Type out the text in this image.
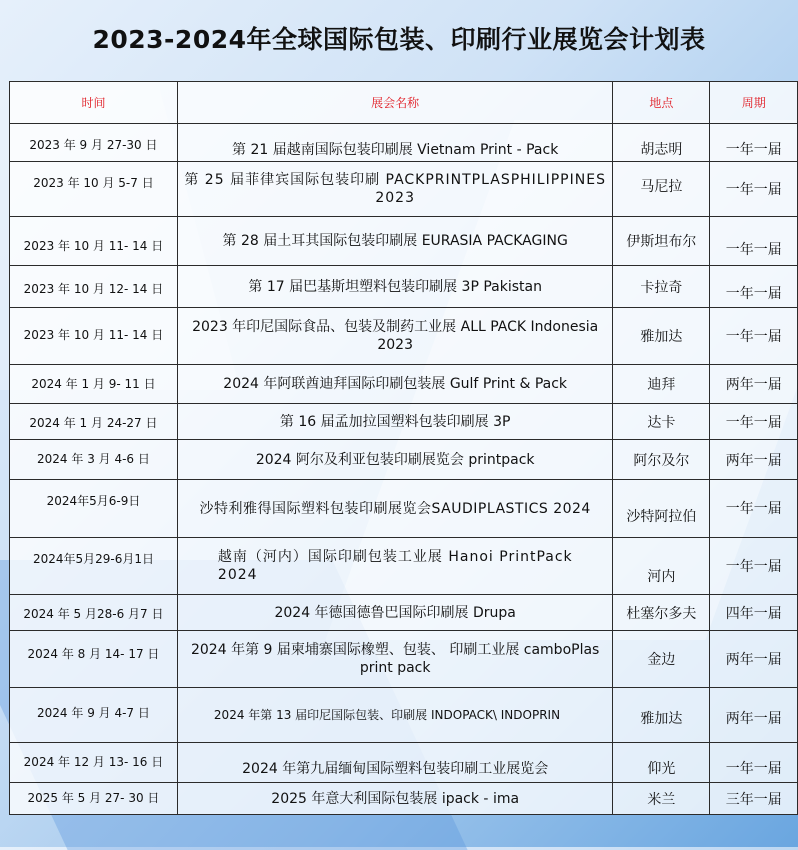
2023-2024年全球国际包装、印刷行业展览会计划表
时间	展会名称	地点	周期
2023 年 9 月 27-30 日	第 21 届越南国际包装印刷展 Vietnam Print - Pack	胡志明	一年一届
2023 年 10 月 5-7 日	第 25 届菲律宾国际包装印刷 PACKPRINTPLASPHILIPPINES 2023	马尼拉	一年一届
2023 年 10 月 11- 14 日	第 28 届土耳其国际包装印刷展 EURASIA PACKAGING	伊斯坦布尔	一年一届
2023 年 10 月 12- 14 日	第 17 届巴基斯坦塑料包装印刷展 3P Pakistan	卡拉奇	一年一届
2023 年 10 月 11- 14 日	2023 年印尼国际食品、包装及制药工业展 ALL PACK Indonesia 2023	雅加达	一年一届
2024 年 1 月 9- 11 日	2024 年阿联酋迪拜国际印刷包装展 Gulf Print & Pack	迪拜	两年一届
2024 年 1 月 24-27 日	第 16 届孟加拉国塑料包装印刷展 3P	达卡	一年一届
2024 年 3 月 4-6 日	2024 阿尔及利亚包装印刷展览会 printpack	阿尔及尔	两年一届
2024年5月6-9日	沙特利雅得国际塑料包装印刷展览会SAUDIPLASTICS 2024	沙特阿拉伯	一年一届
2024年5月29-6月1日	越南（河内）国际印刷包装工业展 Hanoi PrintPack 2024	河内	一年一届
2024 年 5 月28-6 月7 日	2024 年德国德鲁巴国际印刷展 Drupa	杜塞尔多夫	四年一届
2024 年 8 月 14- 17 日	2024 年第 9 届柬埔寨国际橡塑、包装、 印刷工业展 camboPlas print pack	金边	两年一届
2024 年 9 月 4-7 日	2024 年第 13 届印尼国际包装、印刷展 INDOPACK\ INDOPRIN	雅加达	两年一届
2024 年 12 月 13- 16 日	2024 年第九届缅甸国际塑料包装印刷工业展览会	仰光	一年一届
2025 年 5 月 27- 30 日	2025 年意大利国际包装展 ipack - ima	米兰	三年一届
